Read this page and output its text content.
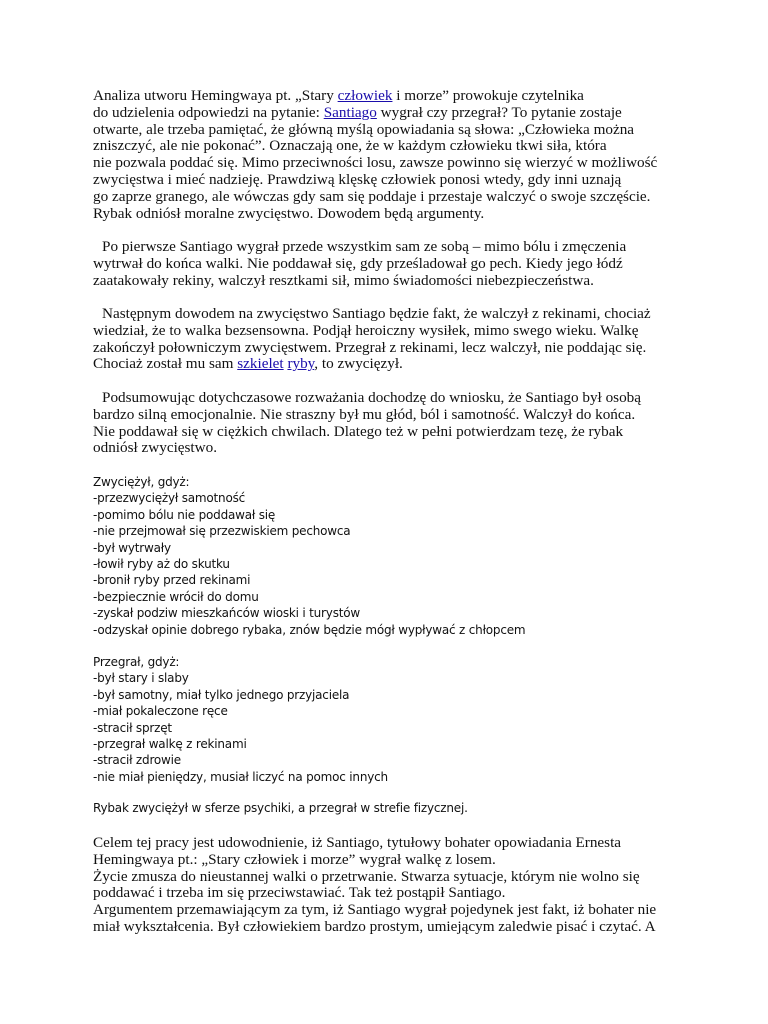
Analiza utworu Hemingwaya pt. „Stary człowiek i morze” prowokuje czytelnika
do udzielenia odpowiedzi na pytanie: Santiago wygrał czy przegrał? To pytanie zostaje
otwarte, ale trzeba pamiętać, że główną myślą opowiadania są słowa: „Człowieka można
zniszczyć, ale nie pokonać”. Oznaczają one, że w każdym człowieku tkwi siła, która
nie pozwala poddać się. Mimo przeciwności losu, zawsze powinno się wierzyć w możliwość
zwycięstwa i mieć nadzieję. Prawdziwą klęskę człowiek ponosi wtedy, gdy inni uznają
go zaprze granego, ale wówczas gdy sam się poddaje i przestaje walczyć o swoje szczęście.
Rybak odniósł moralne zwycięstwo. Dowodem będą argumenty.

Po pierwsze Santiago wygrał przede wszystkim sam ze sobą – mimo bólu i zmęczenia
wytrwał do końca walki. Nie poddawał się, gdy prześladował go pech. Kiedy jego łódź
zaatakowały rekiny, walczył resztkami sił, mimo świadomości niebezpieczeństwa.

Następnym dowodem na zwycięstwo Santiago będzie fakt, że walczył z rekinami, chociaż
wiedział, że to walka bezsensowna. Podjął heroiczny wysiłek, mimo swego wieku. Walkę
zakończył połowniczym zwycięstwem. Przegrał z rekinami, lecz walczył, nie poddając się.
Chociaż został mu sam szkielet ryby, to zwycięzył.

Podsumowując dotychczasowe rozważania dochodzę do wniosku, że Santiago był osobą
bardzo silną emocjonalnie. Nie straszny był mu głód, ból i samotność. Walczył do końca.
Nie poddawał się w ciężkich chwilach. Dlatego też w pełni potwierdzam tezę, że rybak
odniósł zwycięstwo.

Zwyciężył, gdyż:
-przezwyciężył samotność
-pomimo bólu nie poddawał się
-nie przejmował się przezwiskiem pechowca
-był wytrwały
-łowił ryby aż do skutku
-bronił ryby przed rekinami
-bezpiecznie wrócił do domu
-zyskał podziw mieszkańców wioski i turystów
-odzyskał opinie dobrego rybaka, znów będzie mógł wypływać z chłopcem
Przegrał, gdyż:
-był stary i slaby
-był samotny, miał tylko jednego przyjaciela
-miał pokaleczone ręce
-stracił sprzęt
-przegrał walkę z rekinami
-stracił zdrowie
-nie miał pieniędzy, musiał liczyć na pomoc innych
Rybak zwyciężył w sferze psychiki, a przegrał w strefie fizycznej.

Celem tej pracy jest udowodnienie, iż Santiago, tytułowy bohater opowiadania Ernesta
Hemingwaya pt.: „Stary człowiek i morze” wygrał walkę z losem.
Życie zmusza do nieustannej walki o przetrwanie. Stwarza sytuacje, którym nie wolno się
poddawać i trzeba im się przeciwstawiać. Tak też postąpił Santiago.
Argumentem przemawiającym za tym, iż Santiago wygrał pojedynek jest fakt, iż bohater nie
miał wykształcenia. Był człowiekiem bardzo prostym, umiejącym zaledwie pisać i czytać. A
